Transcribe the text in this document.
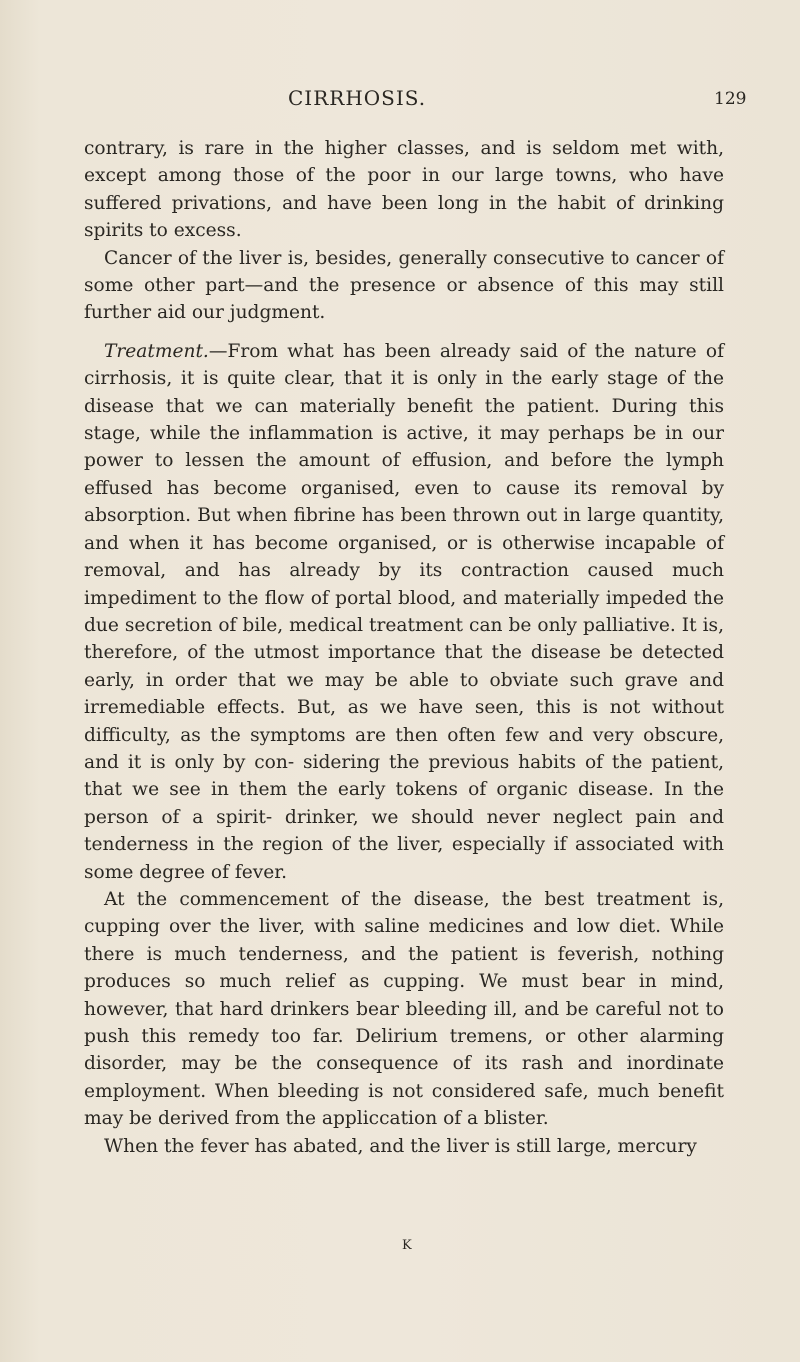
CIRRHOSIS.	129

contrary, is rare in the higher classes, and is seldom met with, except among those of the poor in our large towns, who have suffered privations, and have been long in the habit of drinking spirits to excess.

Cancer of the liver is, besides, generally consecutive to cancer of some other part—and the presence or absence of this may still further aid our judgment.

Treatment.—From what has been already said of the nature of cirrhosis, it is quite clear, that it is only in the early stage of the disease that we can materially benefit the patient. During this stage, while the inflammation is active, it may perhaps be in our power to lessen the amount of effusion, and before the lymph effused has become organised, even to cause its removal by absorption. But when fibrine has been thrown out in large quantity, and when it has become organised, or is otherwise incapable of removal, and has already by its contraction caused much impediment to the flow of portal blood, and materially impeded the due secretion of bile, medical treatment can be only palliative. It is, therefore, of the utmost importance that the disease be detected early, in order that we may be able to obviate such grave and irremediable effects. But, as we have seen, this is not without difficulty, as the symptoms are then often few and very obscure, and it is only by con- sidering the previous habits of the patient, that we see in them the early tokens of organic disease. In the person of a spirit- drinker, we should never neglect pain and tenderness in the region of the liver, especially if associated with some degree of fever.

At the commencement of the disease, the best treatment is, cupping over the liver, with saline medicines and low diet. While there is much tenderness, and the patient is feverish, nothing produces so much relief as cupping. We must bear in mind, however, that hard drinkers bear bleeding ill, and be careful not to push this remedy too far. Delirium tremens, or other alarming disorder, may be the consequence of its rash and inordinate employment. When bleeding is not considered safe, much benefit may be derived from the appliccation of a blister.

When the fever has abated, and the liver is still large, mercury

K
